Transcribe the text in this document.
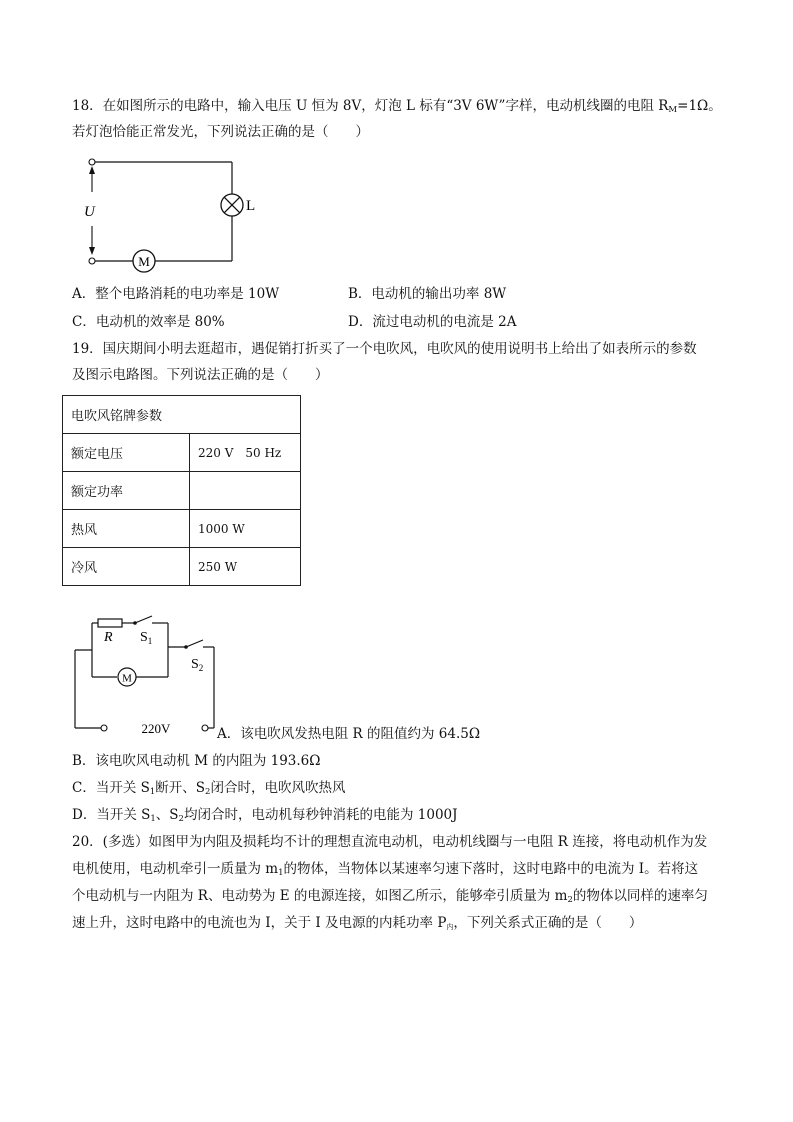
18．在如图所示的电路中，输入电压 U 恒为 8V，灯泡 L 标有“3V 6W”字样，电动机线圈的电阻 $R_M=1\Omega$。
若灯泡恰能正常发光，下列说法正确的是（　　）
L
M
U
A．整个电路消耗的电功率是 10W	B．电动机的输出功率 8W
C．电动机的效率是 80%	D．流过电动机的电流是 2A
19．国庆期间小明去逛超市，遇促销打折买了一个电吹风，电吹风的使用说明书上给出了如表所示的参数
及图示电路图。下列说法正确的是（　　）
电吹风铭牌参数	
额定电压	220 V　50 Hz
额定功率	
热风	1000 W
冷风	250 W
R $S_1$
M
$S_2$
220V	A．该电吹风发热电阻 R 的阻值约为 64.5Ω
B．该电吹风电动机 M 的内阻为 193.6Ω
C．当开关 $S_1$断开、$S_2$闭合时，电吹风吹热风
D．当开关 $S_1$、$S_2$均闭合时，电动机每秒钟消耗的电能为 1000J
20．(多选）如图甲为内阻及损耗均不计的理想直流电动机，电动机线圈与一电阻 R 连接，将电动机作为发
电机使用，电动机牵引一质量为 $m_1$的物体，当物体以某速率匀速下落时，这时电路中的电流为 I。若将这
个电动机与一内阻为 R、电动势为 E 的电源连接，如图乙所示，能够牵引质量为 $m_2$的物体以同样的速率匀
速上升，这时电路中的电流也为 I，关于 I 及电源的内耗功率 $P_内$，下列关系式正确的是（　　）
